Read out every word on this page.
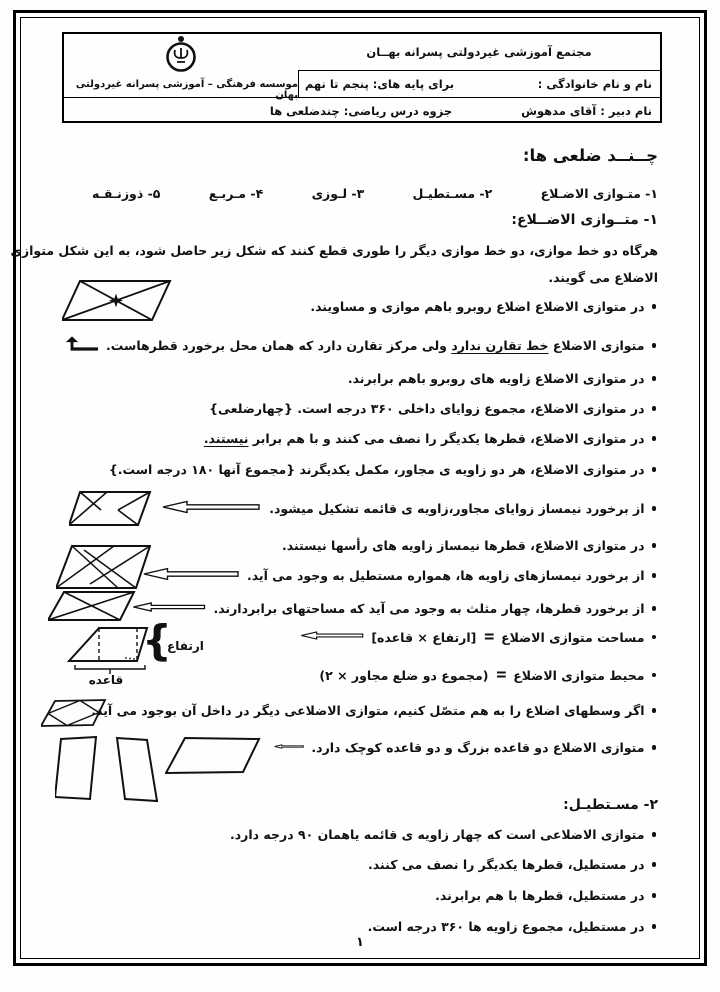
مجتمع آموزشی غیردولتی پسرانه بهــان
نام و نام خانوادگی :
برای پایه های: پنجم تا نهم
موسسه فرهنگی – آموزشی پسرانه غیردولتی بهان
نام دبیر : آقای مدهوش
جزوه درس ریاضی: چندضلعی ها
چــنــد ضلعی ها:
۱- متـوازی الاضـلاع
۲- مسـتطیـل
۳- لـوزی
۴- مـربـع
۵- ذوزنـقـه
۱- متــوازی الاضــلاع:
هرگاه دو خط موازی، دو خط موازی دیگر را طوری قطع کنند که شکل زیر حاصل شود، به این شکل متوازی
الاضلاع می گویند.
در متوازی الاضلاع اضلاع روبرو باهم موازی و مساویند.
متوازی الاضلاع خط تقارن ندارد ولی مرکز تقارن دارد که همان محل برخورد قطرهاست.
در متوازی الاضلاع زاویه های روبرو باهم برابرند.
در متوازی الاضلاع، مجموع زوایای داخلی ۳۶۰ درجه است. {چهارضلعی}
در متوازی الاضلاع، قطرها یکدیگر را نصف می کنند و با هم برابر نیستند.
در متوازی الاضلاع، هر دو زاویه ی مجاور، مکمل یکدیگرند {مجموع آنها ۱۸۰ درجه است.}
از برخورد نیمساز زوایای مجاور،زاویه ی قائمه تشکیل میشود.
در متوازی الاضلاع، قطرها نیمساز زاویه های رأسها نیستند.
از برخورد نیمسازهای زاویه ها، همواره مستطیل به وجود می آید.
از برخورد قطرها، چهار مثلث به وجود می آید که مساحتهای برابردارند.
مساحت متوازی الاضلاع
=
[ارتفاع × قاعده]
محیط متوازی الاضلاع
=
(مجموع دو ضلع مجاور × ۲)
اگر وسطهای اضلاع را به هم متصّل کنیم، متوازی الاضلاعی دیگر در داخل آن بوجود می آید.
متوازی الاضلاع دو قاعده بزرگ و دو قاعده کوچک دارد.
}
ارتفاع
قاعده
۲- مسـتطیـل:
متوازی الاضلاعی است که چهار زاویه ی قائمه یاهمان ۹۰ درجه دارد.
در مستطیل، قطرها یکدیگر را نصف می کنند.
در مستطیل، قطرها با هم برابرند.
در مستطیل، مجموع زاویه ها ۳۶۰ درجه است.
۱
